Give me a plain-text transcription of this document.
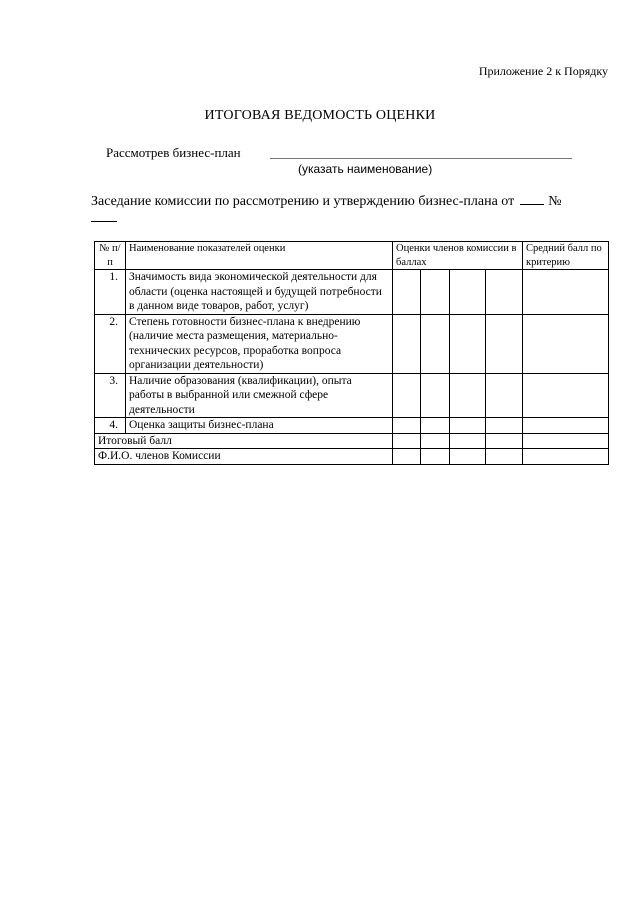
Приложение 2 к Порядку
ИТОГОВАЯ ВЕДОМОСТЬ ОЦЕНКИ
Рассмотрев бизнес-план
(указать наименование)
Заседание комиссии по рассмотрению и утверждению бизнес-плана от №
№ п/п	Наименование показателей оценки	Оценки членов комиссии в баллах				Средний балл по критерию
1.	Значимость вида экономической деятельности для области (оценка настоящей и будущей потребности в данном виде товаров, работ, услуг)					
2.	Степень готовности бизнес-плана к внедрению (наличие места размещения, материально-технических ресурсов, проработка вопроса организации деятельности)					
3.	Наличие образования (квалификации), опыта работы в выбранной или смежной сфере деятельности					
4.	Оценка защиты бизнес-плана					
Итоговый балл						
Ф.И.О. членов Комиссии						
